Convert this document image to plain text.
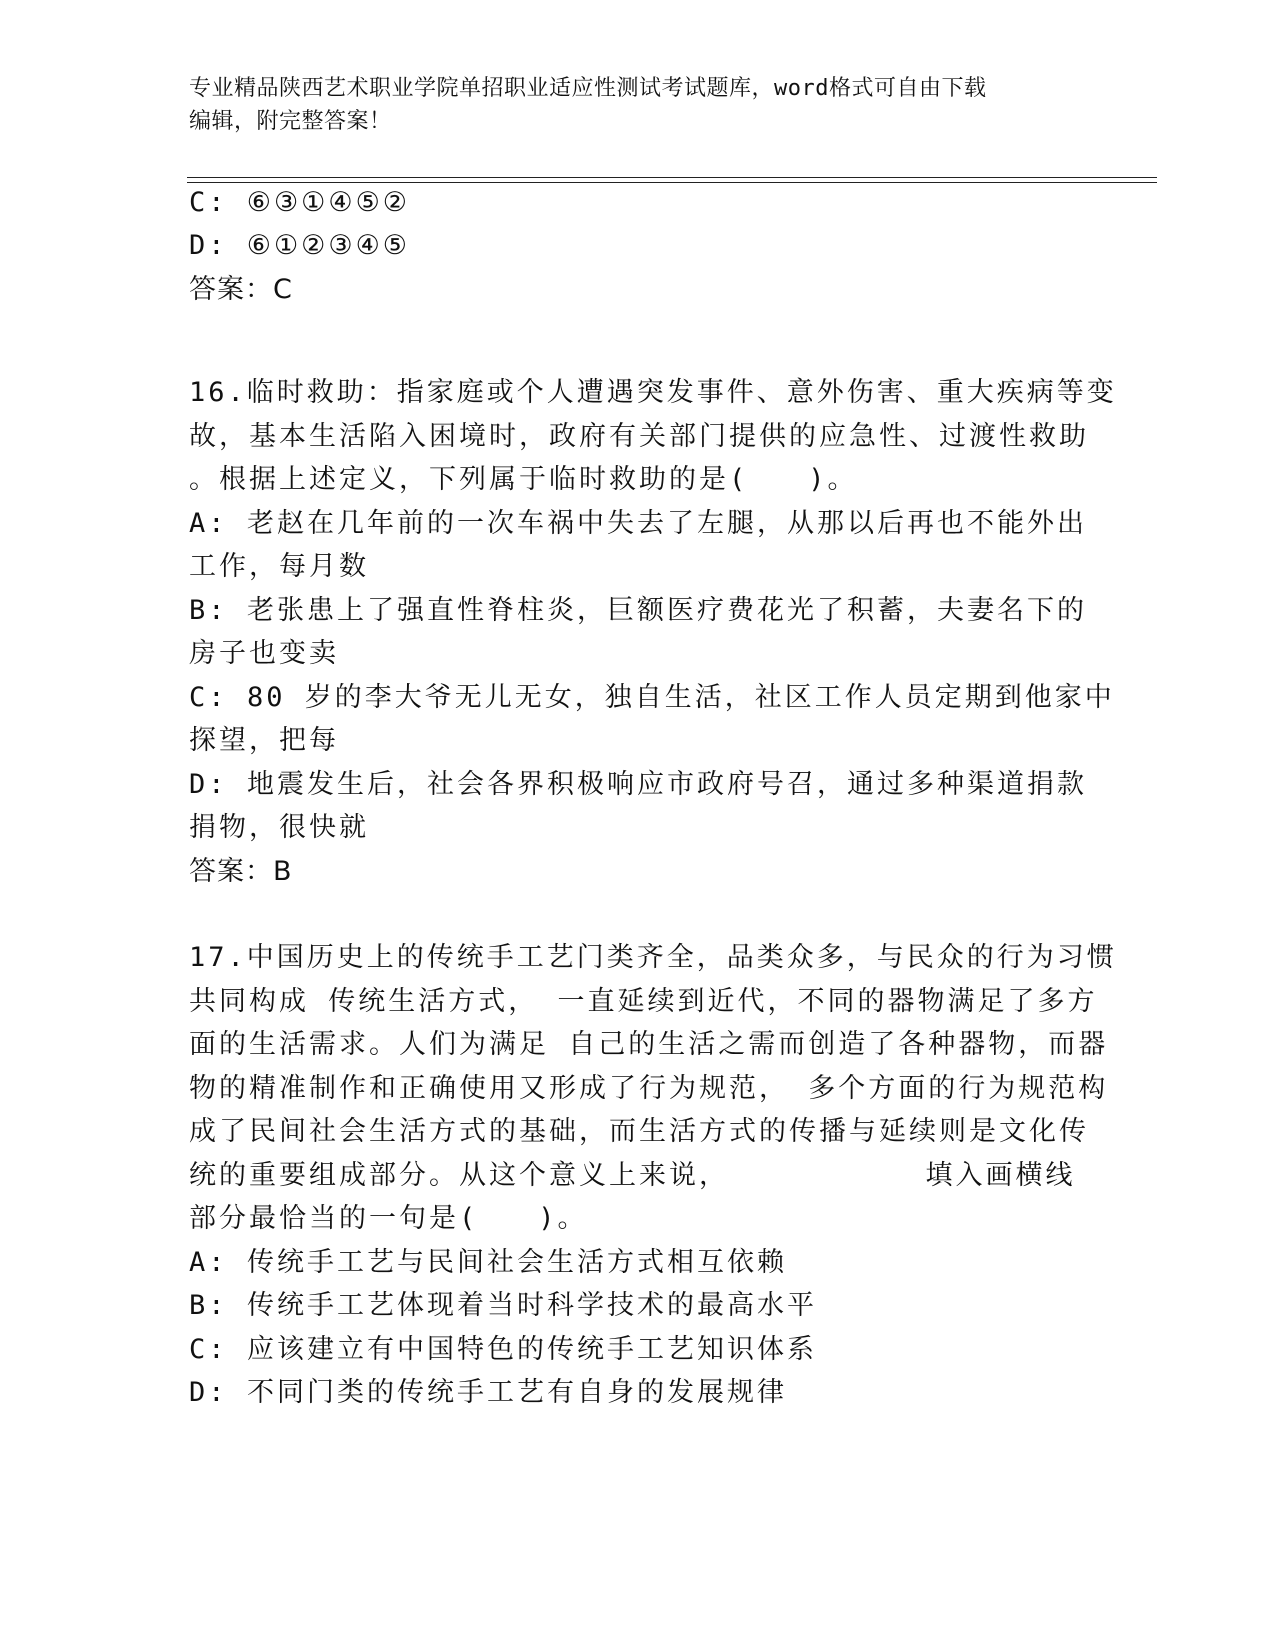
专业精品陕西艺术职业学院单招职业适应性测试考试题库，word格式可自由下载
编辑，附完整答案！
C: ⑥③①④⑤②
D: ⑥①②③④⑤
答案：C
16.临时救助：指家庭或个人遭遇突发事件、意外伤害、重大疾病等变
故，基本生活陷入困境时，政府有关部门提供的应急性、过渡性救助
。根据上述定义，下列属于临时救助的是(　　)。
A: 老赵在几年前的一次车祸中失去了左腿，从那以后再也不能外出
工作，每月数
B: 老张患上了强直性脊柱炎，巨额医疗费花光了积蓄，夫妻名下的
房子也变卖
C: 80 岁的李大爷无儿无女，独自生活，社区工作人员定期到他家中
探望，把每
D: 地震发生后，社会各界积极响应市政府号召，通过多种渠道捐款
捐物，很快就
答案：B
17.中国历史上的传统手工艺门类齐全，品类众多，与民众的行为习惯
共同构成 传统生活方式， 一直延续到近代，不同的器物满足了多方
面的生活需求。人们为满足 自己的生活之需而创造了各种器物，而器
物的精准制作和正确使用又形成了行为规范， 多个方面的行为规范构
成了民间社会生活方式的基础，而生活方式的传播与延续则是文化传
统的重要组成部分。从这个意义上来说，　　　　　　　填入画横线
部分最恰当的一句是(　　)。
A: 传统手工艺与民间社会生活方式相互依赖
B: 传统手工艺体现着当时科学技术的最高水平
C: 应该建立有中国特色的传统手工艺知识体系
D: 不同门类的传统手工艺有自身的发展规律
